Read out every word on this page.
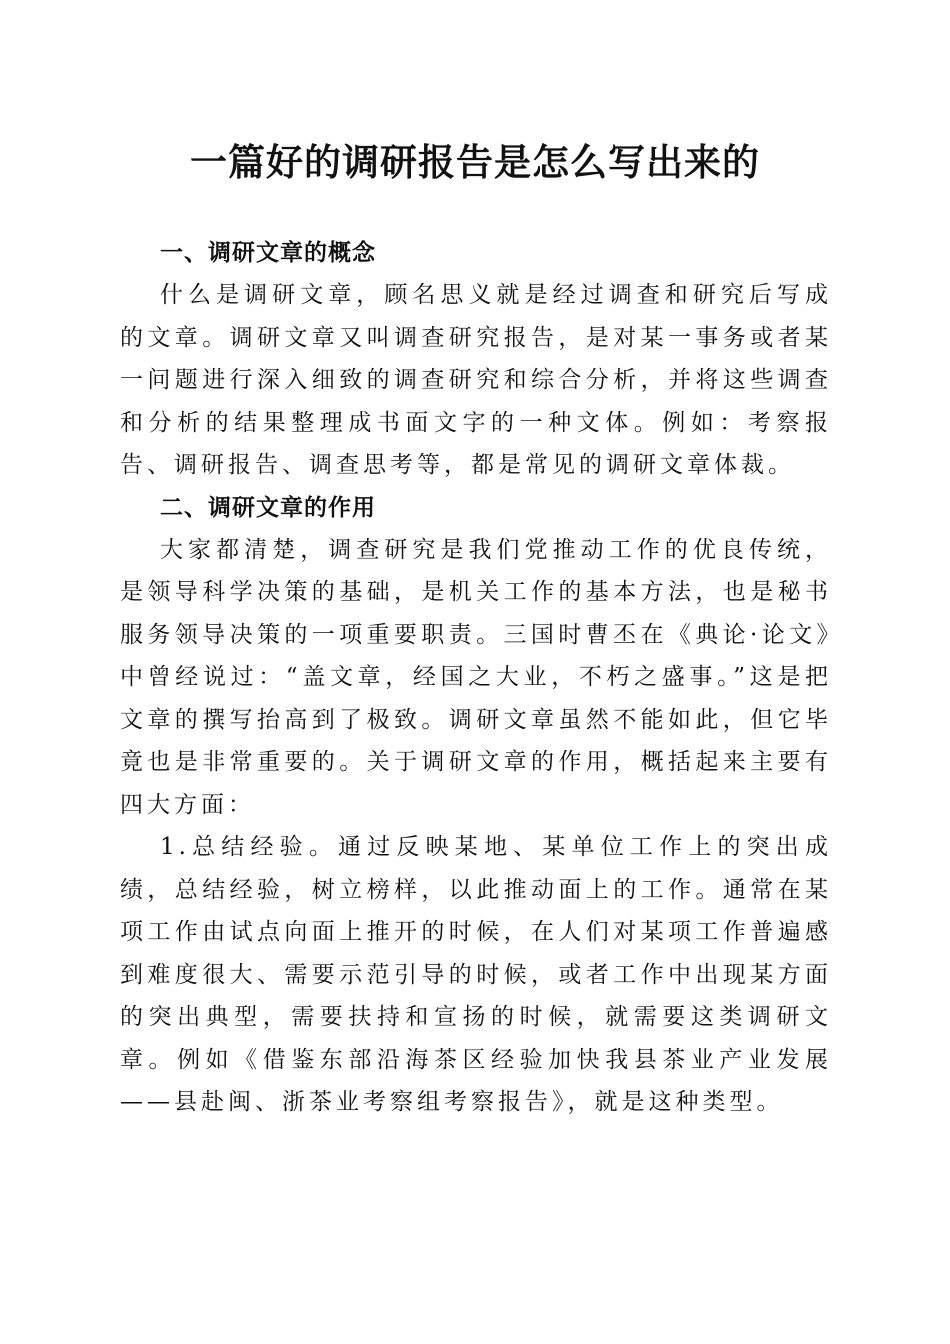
一篇好的调研报告是怎么写出来的
一、调研文章的概念

什么是调研文章，顾名思义就是经过调查和研究后写成的文章。调研文章又叫调查研究报告，是对某一事务或者某一问题进行深入细致的调查研究和综合分析，并将这些调查和分析的结果整理成书面文字的一种文体。例如：考察报告、调研报告、调查思考等，都是常见的调研文章体裁。

二、调研文章的作用

大家都清楚，调查研究是我们党推动工作的优良传统，是领导科学决策的基础，是机关工作的基本方法，也是秘书服务领导决策的一项重要职责。三国时曹丕在《典论·论文》中曾经说过：“盖文章，经国之大业，不朽之盛事。”这是把文章的撰写抬高到了极致。调研文章虽然不能如此，但它毕竟也是非常重要的。关于调研文章的作用，概括起来主要有四大方面：

1.总结经验。通过反映某地、某单位工作上的突出成绩，总结经验，树立榜样，以此推动面上的工作。通常在某项工作由试点向面上推开的时候，在人们对某项工作普遍感到难度很大、需要示范引导的时候，或者工作中出现某方面的突出典型，需要扶持和宣扬的时候，就需要这类调研文章。例如《借鉴东部沿海茶区经验加快我县茶业产业发展——县赴闽、浙茶业考察组考察报告》，就是这种类型。
